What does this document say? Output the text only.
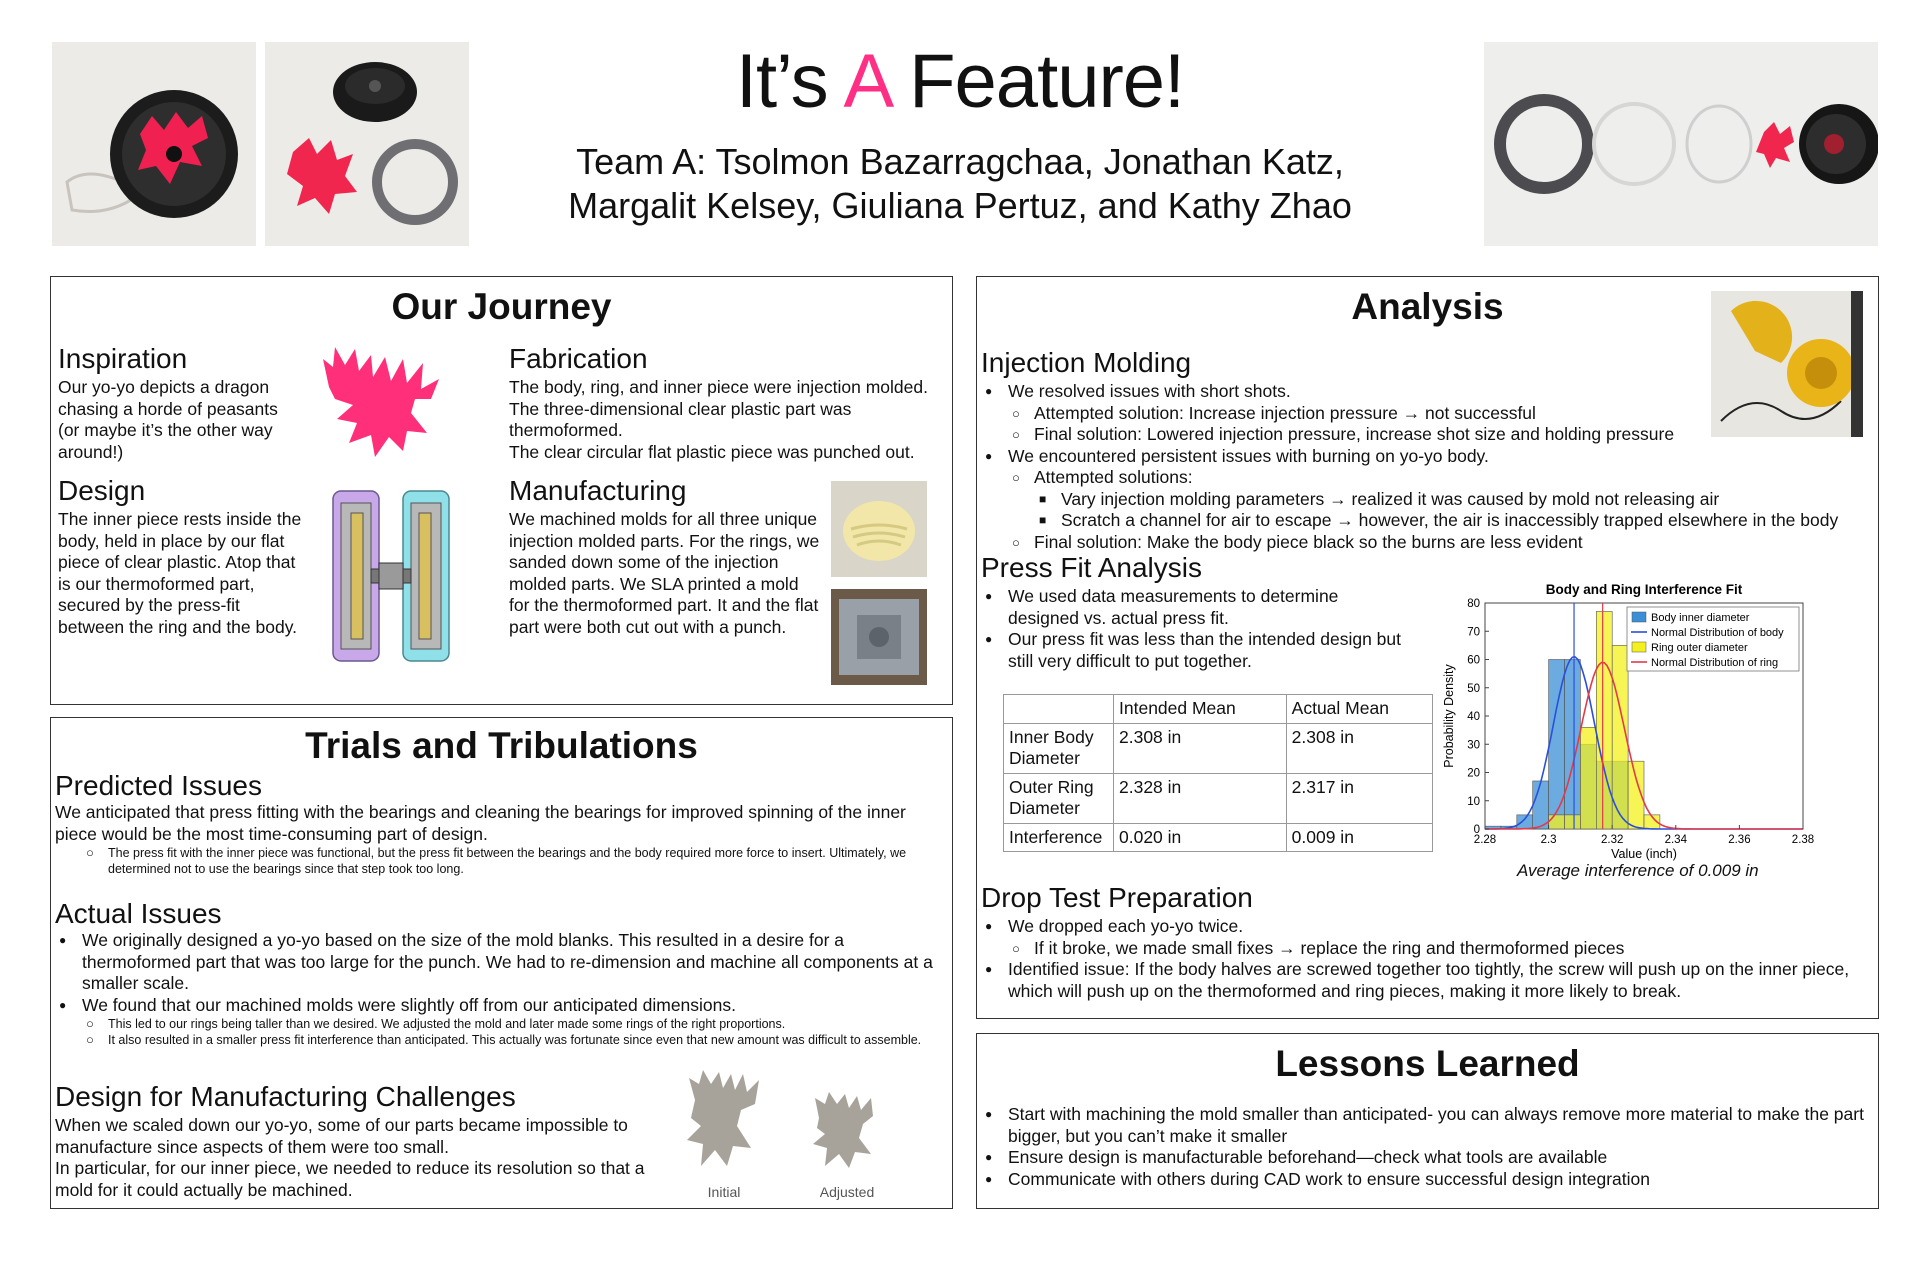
It’s A Feature!
Team A: Tsolmon Bazarragchaa, Jonathan Katz,
Margalit Kelsey, Giuliana Pertuz, and Kathy Zhao
Our Journey
Inspiration
Our yo-yo depicts a dragon chasing a horde of peasants (or maybe it’s the other way around!)
Design
The inner piece rests inside the body, held in place by our flat piece of clear plastic. Atop that is our thermoformed part, secured by the press-fit between the ring and the body.
Fabrication
The body, ring, and inner piece were injection molded.
The three-dimensional clear plastic part was thermoformed.
The clear circular flat plastic piece was punched out.
Manufacturing
We machined molds for all three unique injection molded parts. For the rings, we sanded down some of the injection molded parts. We SLA printed a mold for the thermoformed part. It and the flat part were both cut out with a punch.
Trials and Tribulations
Predicted Issues
We anticipated that press fitting with the bearings and cleaning the bearings for improved spinning of the inner piece would be the most time-consuming part of design.
○ The press fit with the inner piece was functional, but the press fit between the bearings and the body required more force to insert. Ultimately, we determined not to use the bearings since that step took too long.
Actual Issues
● We originally designed a yo-yo based on the size of the mold blanks. This resulted in a desire for a thermoformed part that was too large for the punch. We had to re-dimension and machine all components at a smaller scale.
● We found that our machined molds were slightly off from our anticipated dimensions.
○ This led to our rings being taller than we desired. We adjusted the mold and later made some rings of the right proportions.
○ It also resulted in a smaller press fit interference than anticipated. This actually was fortunate since even that new amount was difficult to assemble.
Design for Manufacturing Challenges
When we scaled down our yo-yo, some of our parts became impossible to manufacture since aspects of them were too small.
In particular, for our inner piece, we needed to reduce its resolution so that a mold for it could actually be machined.	Initial	Adjusted
Analysis
Injection Molding
● We resolved issues with short shots.
○ Attempted solution: Increase injection pressure → not successful
○ Final solution: Lowered injection pressure, increase shot size and holding pressure
● We encountered persistent issues with burning on yo-yo body.
○ Attempted solutions:
■ Vary injection molding parameters → realized it was caused by mold not releasing air
■ Scratch a channel for air to escape → however, the air is inaccessibly trapped elsewhere in the body
○ Final solution: Make the body piece black so the burns are less evident
Press Fit Analysis
● We used data measurements to determine designed vs. actual press fit.
● Our press fit was less than the intended design but still very difficult to put together.
	Intended Mean	Actual Mean
Inner Body Diameter	2.308 in	2.308 in
Outer Ring Diameter	2.328 in	2.317 in
Interference	0.020 in	0.009 in	2.28	2.3	2.32	2.34	2.36	2.38
0
10
20
30
40
50
60
70
80
Body and Ring Interference Fit
Value (inch)
Probability Density
Body inner diameter
Normal Distribution of body
Ring outer diameter
Normal Distribution of ring
Average interference of 0.009 in
Drop Test Preparation
● We dropped each yo-yo twice.
○ If it broke, we made small fixes → replace the ring and thermoformed pieces
● Identified issue: If the body halves are screwed together too tightly, the screw will push up on the inner piece, which will push up on the thermoformed and ring pieces, making it more likely to break.
Lessons Learned
● Start with machining the mold smaller than anticipated- you can always remove more material to make the part bigger, but you can’t make it smaller
● Ensure design is manufacturable beforehand—check what tools are available
● Communicate with others during CAD work to ensure successful design integration
